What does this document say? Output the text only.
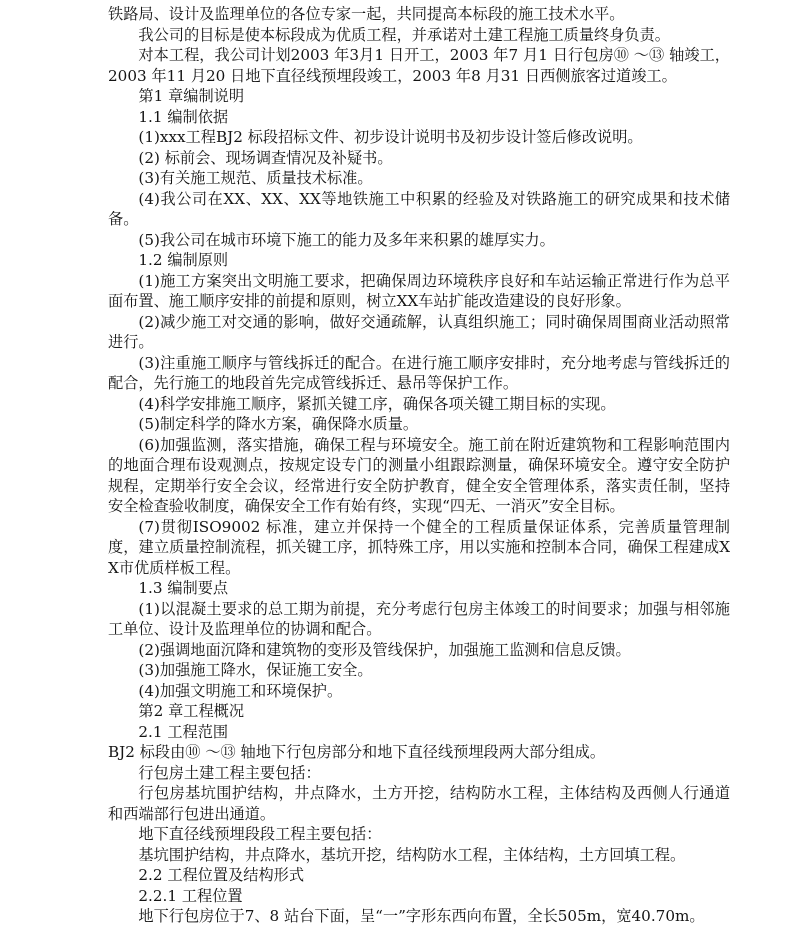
铁路局、设计及监理单位的各位专家一起，共同提高本标段的施工技术水平。

我公司的目标是使本标段成为优质工程，并承诺对土建工程施工质量终身负责。

对本工程，我公司计划2003 年3月1 日开工，2003 年7 月1 日行包房⑩ ～⑬ 轴竣工，2003 年11 月20 日地下直径线预埋段竣工，2003 年8 月31 日西侧旅客过道竣工。

第1 章编制说明

1.1 编制依据

(1)xxx工程BJ2 标段招标文件、初步设计说明书及初步设计签后修改说明。

(2) 标前会、现场调查情况及补疑书。

(3)有关施工规范、质量技术标准。

(4)我公司在XX、XX、XX等地铁施工中积累的经验及对铁路施工的研究成果和技术储备。

(5)我公司在城市环境下施工的能力及多年来积累的雄厚实力。

1.2 编制原则

(1)施工方案突出文明施工要求，把确保周边环境秩序良好和车站运输正常进行作为总平面布置、施工顺序安排的前提和原则，树立XX车站扩能改造建设的良好形象。

(2)减少施工对交通的影响，做好交通疏解，认真组织施工；同时确保周围商业活动照常进行。

(3)注重施工顺序与管线拆迁的配合。在进行施工顺序安排时，充分地考虑与管线拆迁的配合，先行施工的地段首先完成管线拆迁、悬吊等保护工作。

(4)科学安排施工顺序，紧抓关键工序，确保各项关键工期目标的实现。

(5)制定科学的降水方案，确保降水质量。

(6)加强监测，落实措施，确保工程与环境安全。施工前在附近建筑物和工程影响范围内的地面合理布设观测点，按规定设专门的测量小组跟踪测量，确保环境安全。遵守安全防护规程，定期举行安全会议，经常进行安全防护教育，健全安全管理体系，落实责任制，坚持安全检查验收制度，确保安全工作有始有终，实现“四无、一消灭”安全目标。

(7)贯彻ISO9002 标准，建立并保持一个健全的工程质量保证体系，完善质量管理制度，建立质量控制流程，抓关键工序，抓特殊工序，用以实施和控制本合同，确保工程建成XX市优质样板工程。

1.3 编制要点

(1)以混凝土要求的总工期为前提，充分考虑行包房主体竣工的时间要求；加强与相邻施工单位、设计及监理单位的协调和配合。

(2)强调地面沉降和建筑物的变形及管线保护，加强施工监测和信息反馈。

(3)加强施工降水，保证施工安全。

(4)加强文明施工和环境保护。

第2 章工程概况

2.1 工程范围

BJ2 标段由⑩ ～⑬ 轴地下行包房部分和地下直径线预埋段两大部分组成。

行包房土建工程主要包括：

行包房基坑围护结构，井点降水，土方开挖，结构防水工程，主体结构及西侧人行通道和西端部行包进出通道。

地下直径线预埋段段工程主要包括：

基坑围护结构，井点降水，基坑开挖，结构防水工程，主体结构，土方回填工程。

2.2 工程位置及结构形式

2.2.1 工程位置

地下行包房位于7、8 站台下面，呈“一”字形东西向布置，全长505m，宽40.70m。
